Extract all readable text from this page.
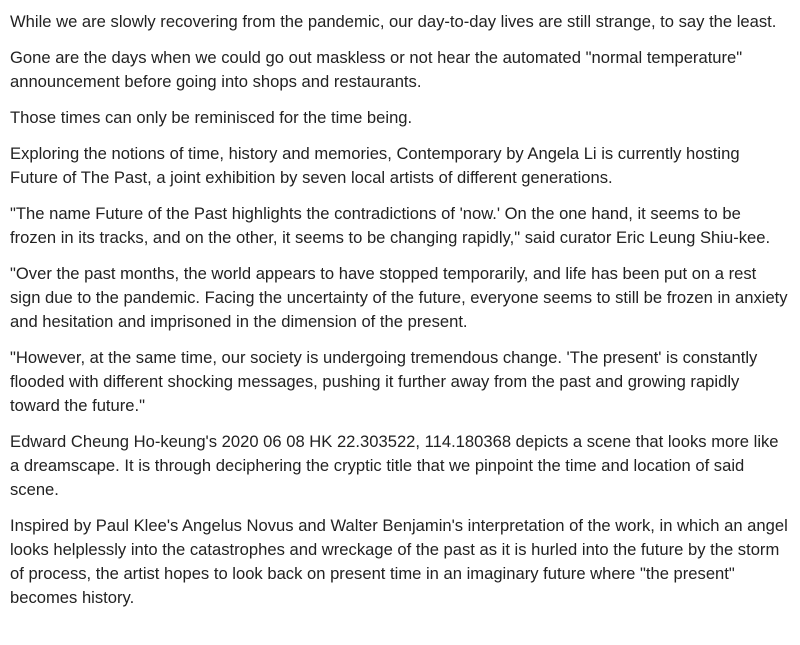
While we are slowly recovering from the pandemic, our day-to-day lives are still strange, to say the least.

Gone are the days when we could go out maskless or not hear the automated "normal temperature" announcement before going into shops and restaurants.

Those times can only be reminisced for the time being.

Exploring the notions of time, history and memories, Contemporary by Angela Li is currently hosting Future of The Past, a joint exhibition by seven local artists of different generations.

"The name Future of the Past highlights the contradictions of 'now.' On the one hand, it seems to be frozen in its tracks, and on the other, it seems to be changing rapidly," said curator Eric Leung Shiu-kee.

"Over the past months, the world appears to have stopped temporarily, and life has been put on a rest sign due to the pandemic. Facing the uncertainty of the future, everyone seems to still be frozen in anxiety and hesitation and imprisoned in the dimension of the present.

"However, at the same time, our society is undergoing tremendous change. 'The present' is constantly flooded with different shocking messages, pushing it further away from the past and growing rapidly toward the future."

Edward Cheung Ho-keung's 2020 06 08 HK 22.303522, 114.180368 depicts a scene that looks more like a dreamscape. It is through deciphering the cryptic title that we pinpoint the time and location of said scene.

Inspired by Paul Klee's Angelus Novus and Walter Benjamin's interpretation of the work, in which an angel looks helplessly into the catastrophes and wreckage of the past as it is hurled into the future by the storm of process, the artist hopes to look back on present time in an imaginary future where "the present" becomes history.
